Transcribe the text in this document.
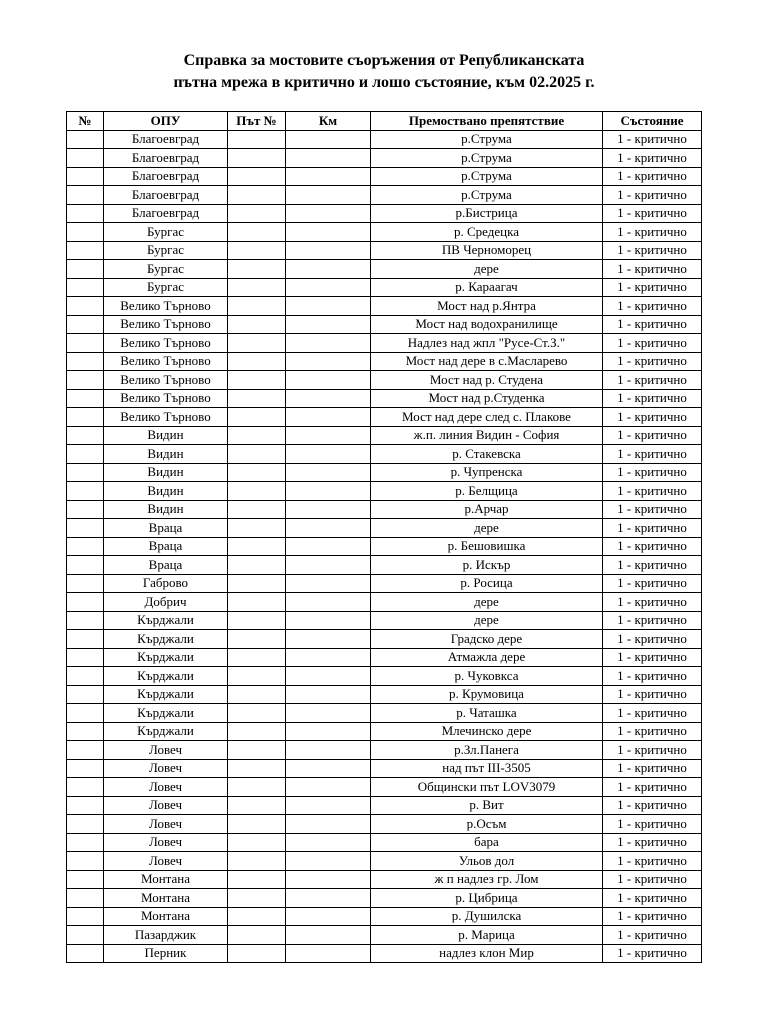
Справка за мостовите съоръжения от Републиканската
пътна мрежа в критично и лошо състояние, към 02.2025 г.
№	ОПУ	Път №	Км	Премоствано препятствие	Състояние
	Благоевград			р.Струма	1 - критично
	Благоевград			р.Струма	1 - критично
	Благоевград			р.Струма	1 - критично
	Благоевград			р.Струма	1 - критично
	Благоевград			р.Бистрица	1 - критично
	Бургас			р. Средецка	1 - критично
	Бургас			ПВ Черноморец	1 - критично
	Бургас			дере	1 - критично
	Бургас			р. Караагач	1 - критично
	Велико Търново			Мост над р.Янтра	1 - критично
	Велико Търново			Мост над водохранилище	1 - критично
	Велико Търново			Надлез над жпл "Русе-Ст.З."	1 - критично
	Велико Търново			Мост над дере в с.Масларево	1 - критично
	Велико Търново			Мост над р. Студена	1 - критично
	Велико Търново			Мост над р.Студенка	1 - критично
	Велико Търново			Мост над дере след с. Плакове	1 - критично
	Видин			ж.п. линия Видин - София	1 - критично
	Видин			р. Стакевска	1 - критично
	Видин			р. Чупренска	1 - критично
	Видин			р. Белщица	1 - критично
	Видин			р.Арчар	1 - критично
	Враца			дере	1 - критично
	Враца			р. Бешовишка	1 - критично
	Враца			р. Искър	1 - критично
	Габрово			р. Росица	1 - критично
	Добрич			дере	1 - критично
	Кърджали			дере	1 - критично
	Кърджали			Градско дере	1 - критично
	Кърджали			Атмажла дере	1 - критично
	Кърджали			р. Чуковкса	1 - критично
	Кърджали			р. Крумовица	1 - критично
	Кърджали			р. Чаташка	1 - критично
	Кърджали			Млечинско дере	1 - критично
	Ловеч			р.Зл.Панега	1 - критично
	Ловеч			над път III-3505	1 - критично
	Ловеч			Общински път LOV3079	1 - критично
	Ловеч			р. Вит	1 - критично
	Ловеч			р.Осъм	1 - критично
	Ловеч			бара	1 - критично
	Ловеч			Ульов дол	1 - критично
	Монтана			ж п надлез гр. Лом	1 - критично
	Монтана			р. Цибрица	1 - критично
	Монтана			р. Душилска	1 - критично
	Пазарджик			р. Марица	1 - критично
	Перник			надлез клон Мир	1 - критично
